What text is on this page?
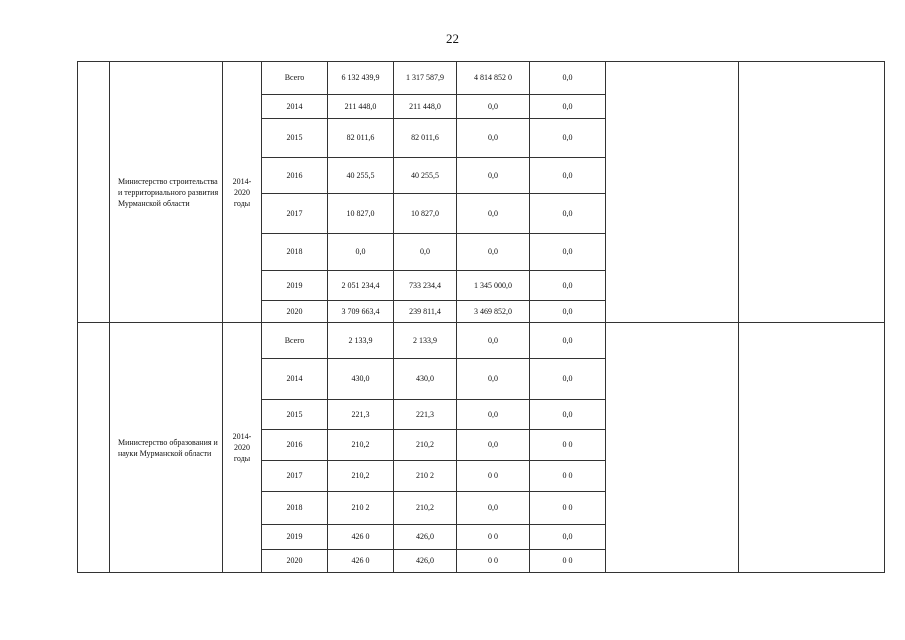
22
	Министерство строительства и территориального развития Мурманской области	2014-2020 годы	Всего	6 132 439,9	1 317 587,9	4 814 852 0	0,0		
			2014	211 448,0	211 448,0	0,0	0,0		
			2015	82 011,6	82 011,6	0,0	0,0		
			2016	40 255,5	40 255,5	0,0	0,0		
			2017	10 827,0	10 827,0	0,0	0,0		
			2018	0,0	0,0	0,0	0,0		
			2019	2 051 234,4	733 234,4	1 345 000,0	0,0		
			2020	3 709 663,4	239 811,4	3 469 852,0	0,0		
	Министерство образования и науки Мурманской области	2014-2020 годы	Всего	2 133,9	2 133,9	0,0	0,0		
			2014	430,0	430,0	0,0	0,0		
			2015	221,3	221,3	0,0	0,0		
			2016	210,2	210,2	0,0	0 0		
			2017	210,2	210 2	0 0	0 0		
			2018	210 2	210,2	0,0	0 0		
			2019	426 0	426,0	0 0	0,0		
			2020	426 0	426,0	0 0	0 0		
